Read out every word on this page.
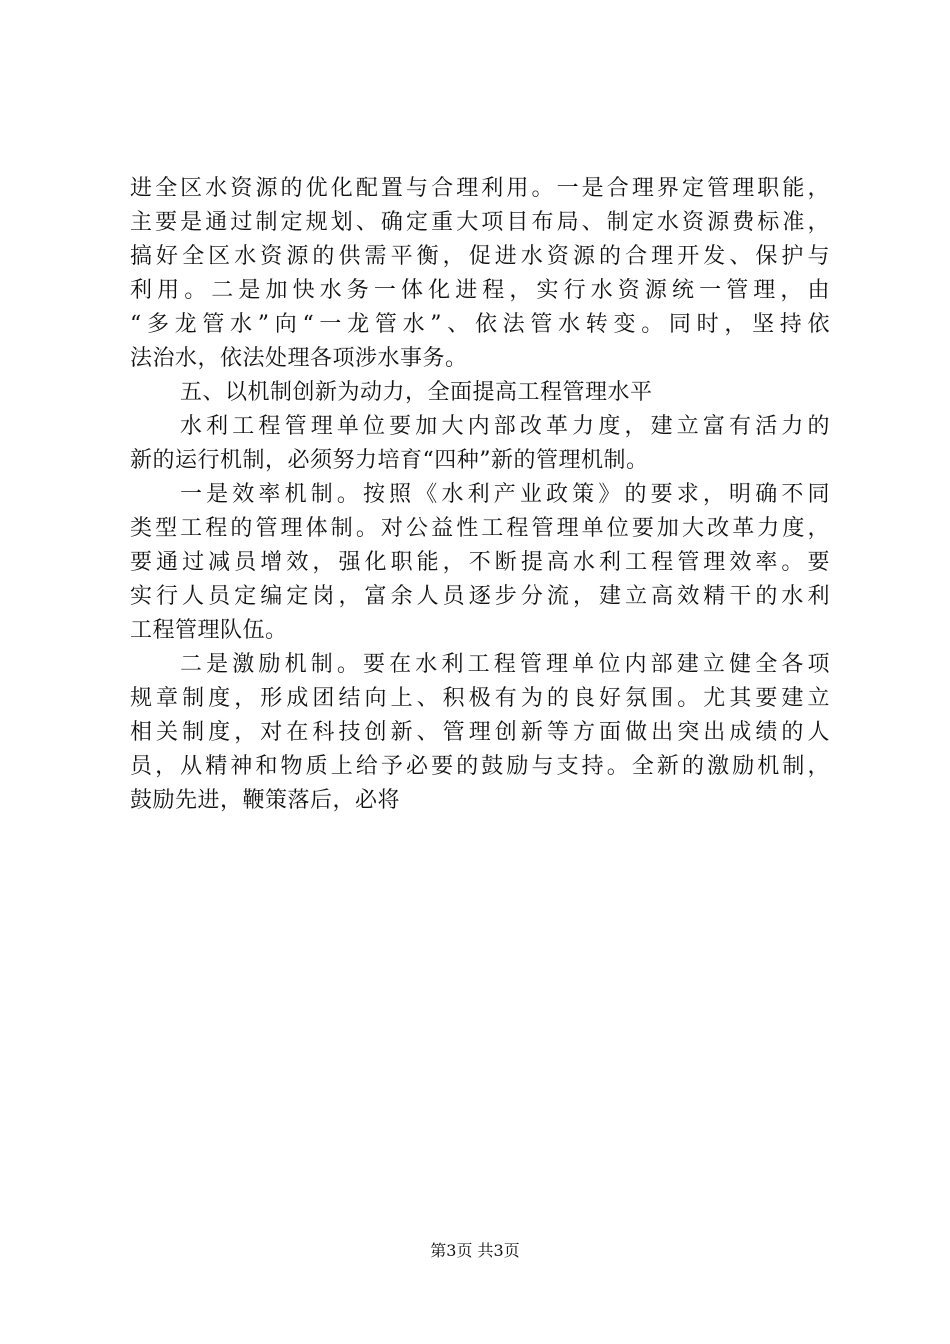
进全区水资源的优化配置与合理利用。一是合理界定管理职能，
主要是通过制定规划、确定重大项目布局、制定水资源费标准，
搞好全区水资源的供需平衡，促进水资源的合理开发、保护与
利用。二是加快水务一体化进程，实行水资源统一管理，由
“多龙管水”向“一龙管水”、依法管水转变。同时，坚持依
法治水，依法处理各项涉水事务。
五、以机制创新为动力，全面提高工程管理水平
水利工程管理单位要加大内部改革力度，建立富有活力的
新的运行机制，必须努力培育“四种”新的管理机制。
一是效率机制。按照《水利产业政策》的要求，明确不同
类型工程的管理体制。对公益性工程管理单位要加大改革力度，
要通过减员增效，强化职能，不断提高水利工程管理效率。要
实行人员定编定岗，富余人员逐步分流，建立高效精干的水利
工程管理队伍。
二是激励机制。要在水利工程管理单位内部建立健全各项
规章制度，形成团结向上、积极有为的良好氛围。尤其要建立
相关制度，对在科技创新、管理创新等方面做出突出成绩的人
员，从精神和物质上给予必要的鼓励与支持。全新的激励机制，
鼓励先进，鞭策落后，必将
第3页 共3页
